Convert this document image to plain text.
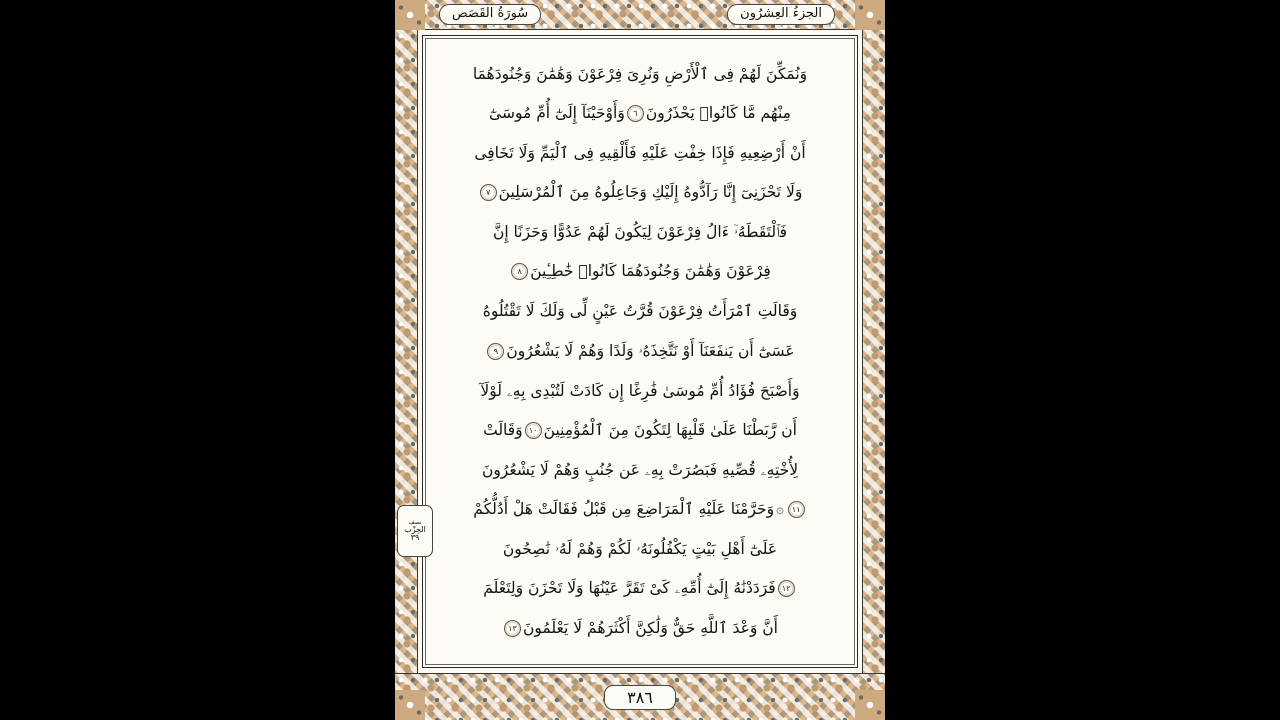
سُورَةُ القَصَص	الجزءُ العِشرُون
وَنُمَكِّنَ لَهُمْ فِى ٱلْأَرْضِ وَنُرِىَ فِرْعَوْنَ وَهَٰمَٰنَ وَجُنُودَهُمَا
مِنْهُم مَّا كَانُوا۟ يَحْذَرُونَ٦وَأَوْحَيْنَآ إِلَىٰٓ أُمِّ مُوسَىٰٓ
أَنْ أَرْضِعِيهِ فَإِذَا خِفْتِ عَلَيْهِ فَأَلْقِيهِ فِى ٱلْيَمِّ وَلَا تَخَافِى
وَلَا تَحْزَنِىٓ إِنَّا رَآدُّوهُ إِلَيْكِ وَجَاعِلُوهُ مِنَ ٱلْمُرْسَلِينَ٧
فَٱلْتَقَطَهُۥٓ ءَالُ فِرْعَوْنَ لِيَكُونَ لَهُمْ عَدُوًّا وَحَزَنًا إِنَّ
فِرْعَوْنَ وَهَٰمَٰنَ وَجُنُودَهُمَا كَانُوا۟ خَٰطِـِٔينَ٨
وَقَالَتِ ٱمْرَأَتُ فِرْعَوْنَ قُرَّتُ عَيْنٍ لِّى وَلَكَ لَا تَقْتُلُوهُ
عَسَىٰٓ أَن يَنفَعَنَآ أَوْ نَتَّخِذَهُۥ وَلَدًا وَهُمْ لَا يَشْعُرُونَ٩
وَأَصْبَحَ فُؤَادُ أُمِّ مُوسَىٰ فَٰرِغًا إِن كَادَتْ لَتُبْدِى بِهِۦ لَوْلَآ
أَن رَّبَطْنَا عَلَىٰ قَلْبِهَا لِتَكُونَ مِنَ ٱلْمُؤْمِنِينَ١٠وَقَالَتْ
لِأُخْتِهِۦ قُصِّيهِ فَبَصُرَتْ بِهِۦ عَن جُنُبٍ وَهُمْ لَا يَشْعُرُونَ
١١۞وَحَرَّمْنَا عَلَيْهِ ٱلْمَرَاضِعَ مِن قَبْلُ فَقَالَتْ هَلْ أَدُلُّكُمْ
عَلَىٰٓ أَهْلِ بَيْتٍ يَكْفُلُونَهُۥ لَكُمْ وَهُمْ لَهُۥ نَٰصِحُونَ
١٢فَرَدَدْنَٰهُ إِلَىٰٓ أُمِّهِۦ كَىْ تَقَرَّ عَيْنُهَا وَلَا تَحْزَنَ وَلِتَعْلَمَ
أَنَّ وَعْدَ ٱللَّهِ حَقٌّ وَلَٰكِنَّ أَكْثَرَهُمْ لَا يَعْلَمُونَ١٣
نصف
الحِزْب
٣٩
٣٨٦
